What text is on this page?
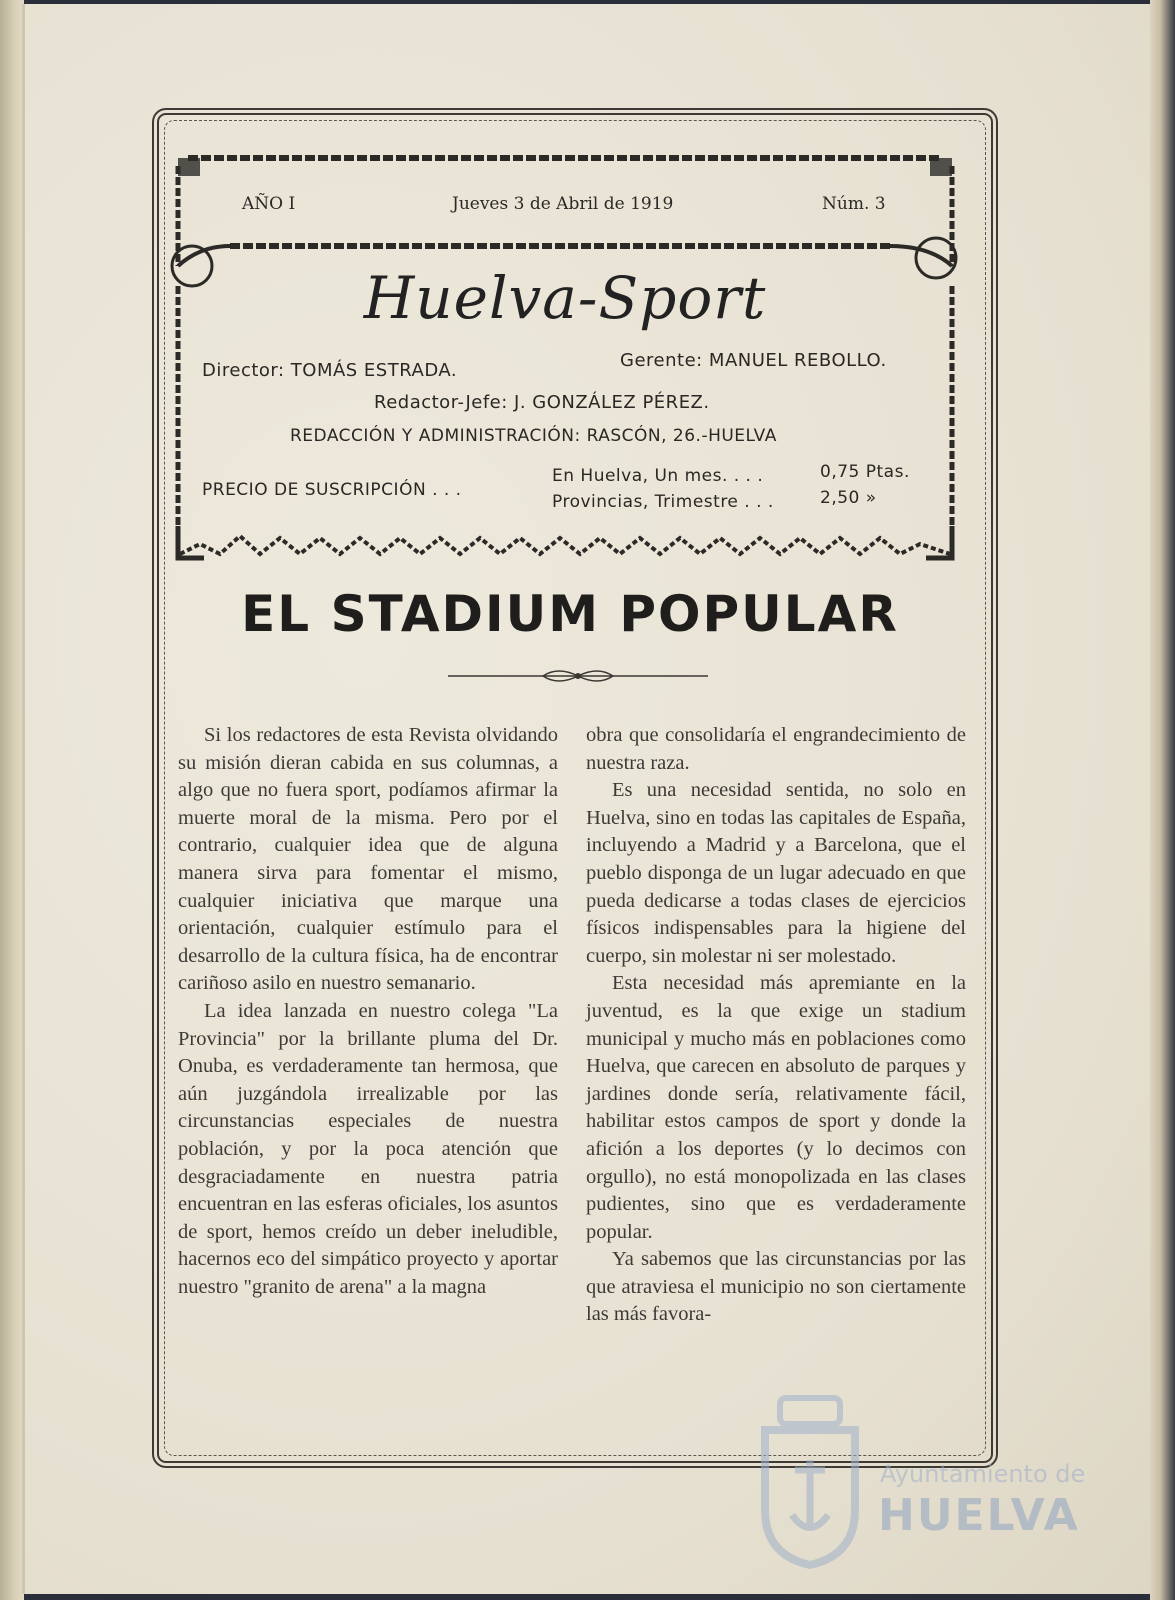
AÑO I	Jueves 3 de Abril de 1919	Núm. 3
Huelva-Sport
Director: TOMÁS ESTRADA.	Gerente: MANUEL REBOLLO.
Redactor-Jefe: J. GONZÁLEZ PÉREZ.
REDACCIÓN Y ADMINISTRACIÓN: RASCÓN, 26.-HUELVA
PRECIO DE SUSCRIPCIÓN . . .
En Huelva, Un mes. . . .	0,75 Ptas.
Provincias, Trimestre . . .	2,50 »
EL STADIUM POPULAR

Si los redactores de esta Revista olvidando su misión dieran cabida en sus columnas, a algo que no fuera sport, podíamos afirmar la muerte moral de la misma. Pero por el contrario, cualquier idea que de alguna manera sirva para fomentar el mismo, cualquier iniciativa que marque una orientación, cualquier estímulo para el desarrollo de la cultura física, ha de encontrar cariñoso asilo en nuestro semanario.

La idea lanzada en nuestro colega "La Provincia" por la brillante pluma del Dr. Onuba, es verdaderamente tan hermosa, que aún juzgándola irrealizable por las circunstancias especiales de nuestra población, y por la poca atención que desgraciadamente en nuestra patria encuentran en las esferas oficiales, los asuntos de sport, hemos creído un deber ineludible, hacernos eco del simpático proyecto y aportar nuestro "granito de arena" a la magna

obra que consolidaría el engrandecimiento de nuestra raza.

Es una necesidad sentida, no solo en Huelva, sino en todas las capitales de España, incluyendo a Madrid y a Barcelona, que el pueblo disponga de un lugar adecuado en que pueda dedicarse a todas clases de ejercicios físicos indispensables para la higiene del cuerpo, sin molestar ni ser molestado.

Esta necesidad más apremiante en la juventud, es la que exige un stadium municipal y mucho más en poblaciones como Huelva, que carecen en absoluto de parques y jardines donde sería, relativamente fácil, habilitar estos campos de sport y donde la afición a los deportes (y lo decimos con orgullo), no está monopolizada en las clases pudientes, sino que es verdaderamente popular.

Ya sabemos que las circunstancias por las que atraviesa el municipio no son ciertamente las más favora-

Ayuntamiento de
HUELVA
